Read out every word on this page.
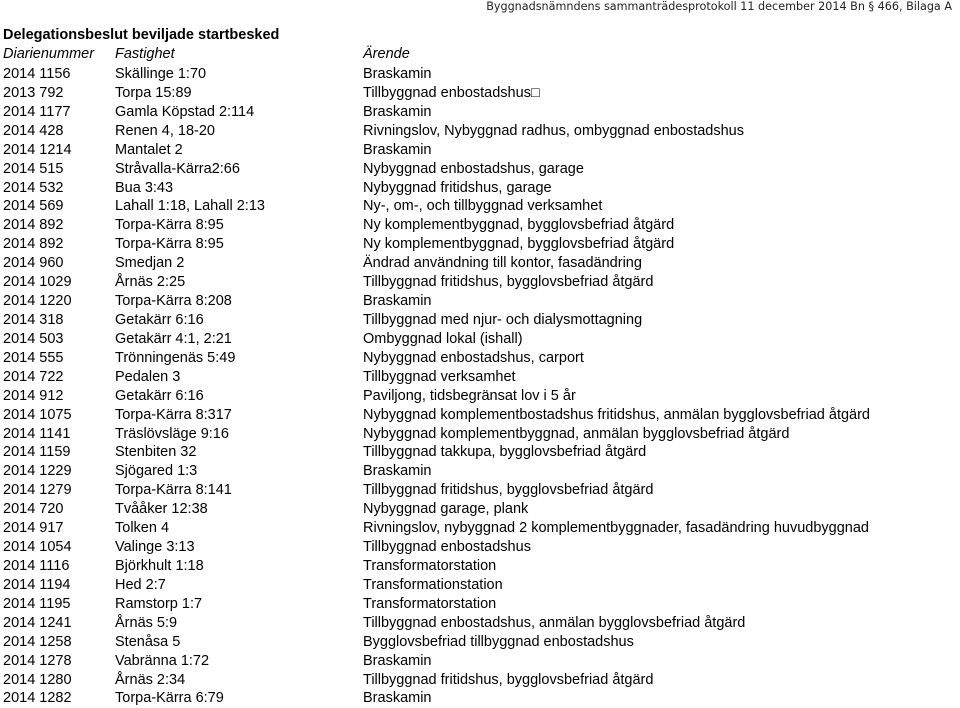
Byggnadsnämndens sammanträdesprotokoll 11 december 2014 Bn § 466, Bilaga A
Delegationsbeslut beviljade startbesked
Diarienummer Fastighet	Ärende
2014 1156	Skällinge 1:70	Braskamin
2013 792	Torpa 15:89	Tillbyggnad enbostadshus□
2014 1177	Gamla Köpstad 2:114	Braskamin
2014 428	Renen 4, 18-20	Rivningslov, Nybyggnad radhus, ombyggnad enbostadshus
2014 1214	Mantalet 2	Braskamin
2014 515	Stråvalla-Kärra2:66	Nybyggnad enbostadshus, garage
2014 532	Bua 3:43	Nybyggnad fritidshus, garage
2014 569	Lahall 1:18, Lahall 2:13	Ny-, om-, och tillbyggnad verksamhet
2014 892	Torpa-Kärra 8:95	Ny komplementbyggnad, bygglovsbefriad åtgärd
2014 892	Torpa-Kärra 8:95	Ny komplementbyggnad, bygglovsbefriad åtgärd
2014 960	Smedjan 2	Ändrad användning till kontor, fasadändring
2014 1029	Årnäs 2:25	Tillbyggnad fritidshus, bygglovsbefriad åtgärd
2014 1220	Torpa-Kärra 8:208	Braskamin
2014 318	Getakärr 6:16	Tillbyggnad med njur- och dialysmottagning
2014 503	Getakärr 4:1, 2:21	Ombyggnad lokal (ishall)
2014 555	Trönningenäs 5:49	Nybyggnad enbostadshus, carport
2014 722	Pedalen 3	Tillbyggnad verksamhet
2014 912	Getakärr 6:16	Paviljong, tidsbegränsat lov i 5 år
2014 1075	Torpa-Kärra 8:317	Nybyggnad komplementbostadshus fritidshus, anmälan bygglovsbefriad åtgärd
2014 1141	Träslövsläge 9:16	Nybyggnad komplementbyggnad, anmälan bygglovsbefriad åtgärd
2014 1159	Stenbiten 32	Tillbyggnad takkupa, bygglovsbefriad åtgärd
2014 1229	Sjögared 1:3	Braskamin
2014 1279	Torpa-Kärra 8:141	Tillbyggnad fritidshus, bygglovsbefriad åtgärd
2014 720	Tvååker 12:38	Nybyggnad garage, plank
2014 917	Tolken 4	Rivningslov, nybyggnad 2 komplementbyggnader, fasadändring huvudbyggnad
2014 1054	Valinge 3:13	Tillbyggnad enbostadshus
2014 1116	Björkhult 1:18	Transformatorstation
2014 1194	Hed 2:7	Transformationstation
2014 1195	Ramstorp 1:7	Transformatorstation
2014 1241	Årnäs 5:9	Tillbyggnad enbostadshus, anmälan bygglovsbefriad åtgärd
2014 1258	Stenåsa 5	Bygglovsbefriad tillbyggnad enbostadshus
2014 1278	Vabränna 1:72	Braskamin
2014 1280	Årnäs 2:34	Tillbyggnad fritidshus, bygglovsbefriad åtgärd
2014 1282	Torpa-Kärra 6:79	Braskamin
